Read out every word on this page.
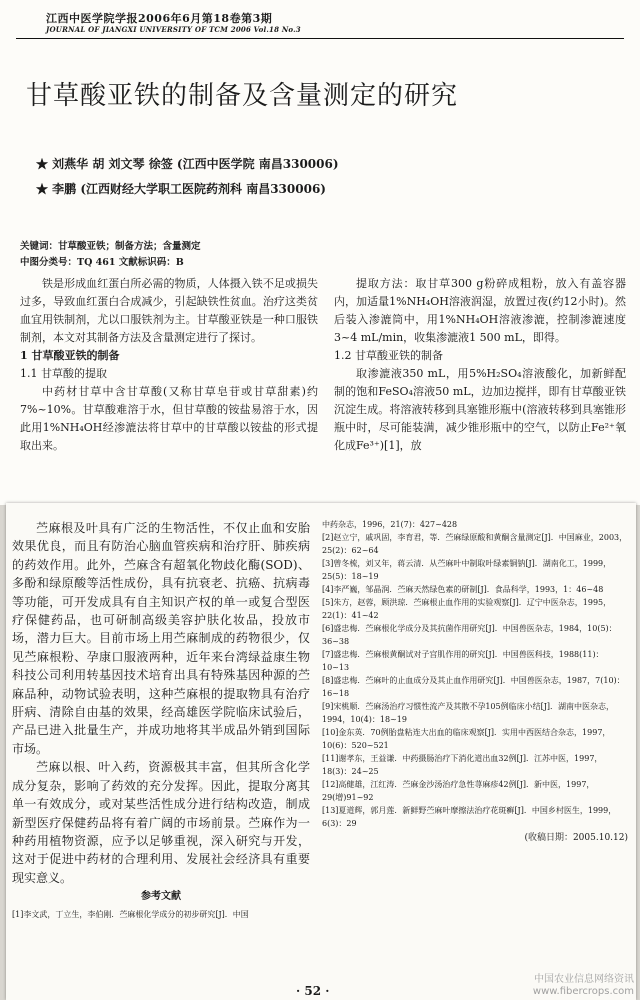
江西中医学院学报2006年6月第18卷第3期
JOURNAL OF JIANGXI UNIVERSITY OF TCM 2006 Vol.18 No.3
甘草酸亚铁的制备及含量测定的研究
★ 刘燕华 胡 刘文琴 徐签 (江西中医学院 南昌330006)
★ 李鹏 (江西财经大学职工医院药剂科 南昌330006)
关键词：甘草酸亚铁；制备方法；含量测定
中图分类号：TQ 461 文献标识码：B

铁是形成血红蛋白所必需的物质，人体摄入铁不足或损失过多，导致血红蛋白合成减少，引起缺铁性贫血。治疗这类贫血宜用铁制剂，尤以口服铁剂为主。甘草酸亚铁是一种口服铁制剂，本文对其制备方法及含量测定进行了探讨。

1 甘草酸亚铁的制备
1.1 甘草酸的提取

中药材甘草中含甘草酸(又称甘草皂苷或甘草甜素)约7%~10%。甘草酸难溶于水，但甘草酸的铵盐易溶于水，因此用1%NH₄OH经渗漉法将甘草中的甘草酸以铵盐的形式提取出来。

提取方法：取甘草300 g粉碎成粗粉，放入有盖容器内，加适量1%NH₄OH溶液润湿，放置过夜(约12小时)。然后装入渗漉筒中，用1%NH₄OH溶液渗漉，控制渗漉速度3~4 mL/min，收集渗漉液1 500 mL，即得。

1.2 甘草酸亚铁的制备

取渗漉液350 mL，用5%H₂SO₄溶液酸化，加新鲜配制的饱和FeSO₄溶液50 mL，边加边搅拌，即有甘草酸亚铁沉淀生成。将溶液转移到具塞锥形瓶中(溶液转移到具塞锥形瓶中时，尽可能装满，减少锥形瓶中的空气，以防止Fe²⁺氧化成Fe³⁺)[1]，放

苎麻根及叶具有广泛的生物活性，不仅止血和安胎效果优良，而且有防治心脑血管疾病和治疗肝、肺疾病的药效作用。此外，苎麻含有超氧化物歧化酶(SOD)、多酚和绿原酸等活性成份，具有抗衰老、抗癌、抗病毒等功能，可开发成具有自主知识产权的单一或复合型医疗保健药品，也可研制高级美容护肤化妆品，投放市场，潜力巨大。目前市场上用苎麻制成的药物很少，仅见苎麻根粉、孕康口服液两种，近年来台湾绿益康生物科技公司利用转基因技术培育出具有特殊基因种源的苎麻品种，动物试验表明，这种苎麻根的提取物具有治疗肝病、清除自由基的效果，经高雄医学院临床试验后，产品已进入批量生产，并成功地将其半成品外销到国际市场。

苎麻以根、叶入药，资源极其丰富，但其所含化学成分复杂，影响了药效的充分发挥。因此，提取分离其单一有效成分，或对某些活性成分进行结构改造，制成新型医疗保健药品将有着广阔的市场前景。苎麻作为一种药用植物资源，应予以足够重视，深入研究与开发，这对于促进中药材的合理利用、发展社会经济具有重要现实意义。

参考文献
[1]李文武，丁立生，李伯刚．苎麻根化学成分的初步研究[J]．中国
中药杂志，1996，21(7)：427~428
[2]赵立宁，戚巩固，李育君，等．苎麻绿原酸和黄酮含量测定[J]．中国麻业，2003，25(2)：62~64
[3]曾冬梳，刘又年，蒋云清．从苎麻叶中制取叶绿素铜钠[J]．湖南化工，1999，25(5)：18~19
[4]李严巍，邹晶润．苎麻天然绿色素的研制[J]．食品科学，1993，1：46~48
[5]朱方，赵蓉，顾洪琼．苎麻根止血作用的实验观察[J]．辽宁中医杂志，1995，22(1)：41~42
[6]盛忠梅．苎麻根化学成分及其抗菌作用研究[J]．中国兽医杂志，1984，10(5)：36~38
[7]盛忠梅．苎麻根黄酮试对子宫肌作用的研究[J]．中国兽医科技，1988(11)：10~13
[8]盛忠梅．苎麻叶的止血成分及其止血作用研究[J]．中国兽医杂志，1987，7(10)：16~18
[9]宋桃顺．苎麻汤治疗习惯性流产及其散不孕105例临床小结[J]．湖南中医杂志，1994，10(4)：18~19
[10]金东英．70例胎盘粘连大出血的临床观察[J]．实用中西医结合杂志，1997，10(6)：520~521
[11]谢孝东，王益谦．中药摄肠治疗下消化道出血32例[J]．江苏中医，1997，18(3)：24~25
[12]高健雄，江红涛．苎麻金沙汤治疗急性荨麻疹42例[J]．新中医，1997，29(增)91~92
[13]夏道辉，郭月莲．新鲜野苎麻叶摩擦法治疗花斑癣[J]．中国乡村医生，1999，6(3)：29
(收稿日期：2005.10.12)
· 52 ·
中国农业信息网络资讯
www.fibercrops.com
